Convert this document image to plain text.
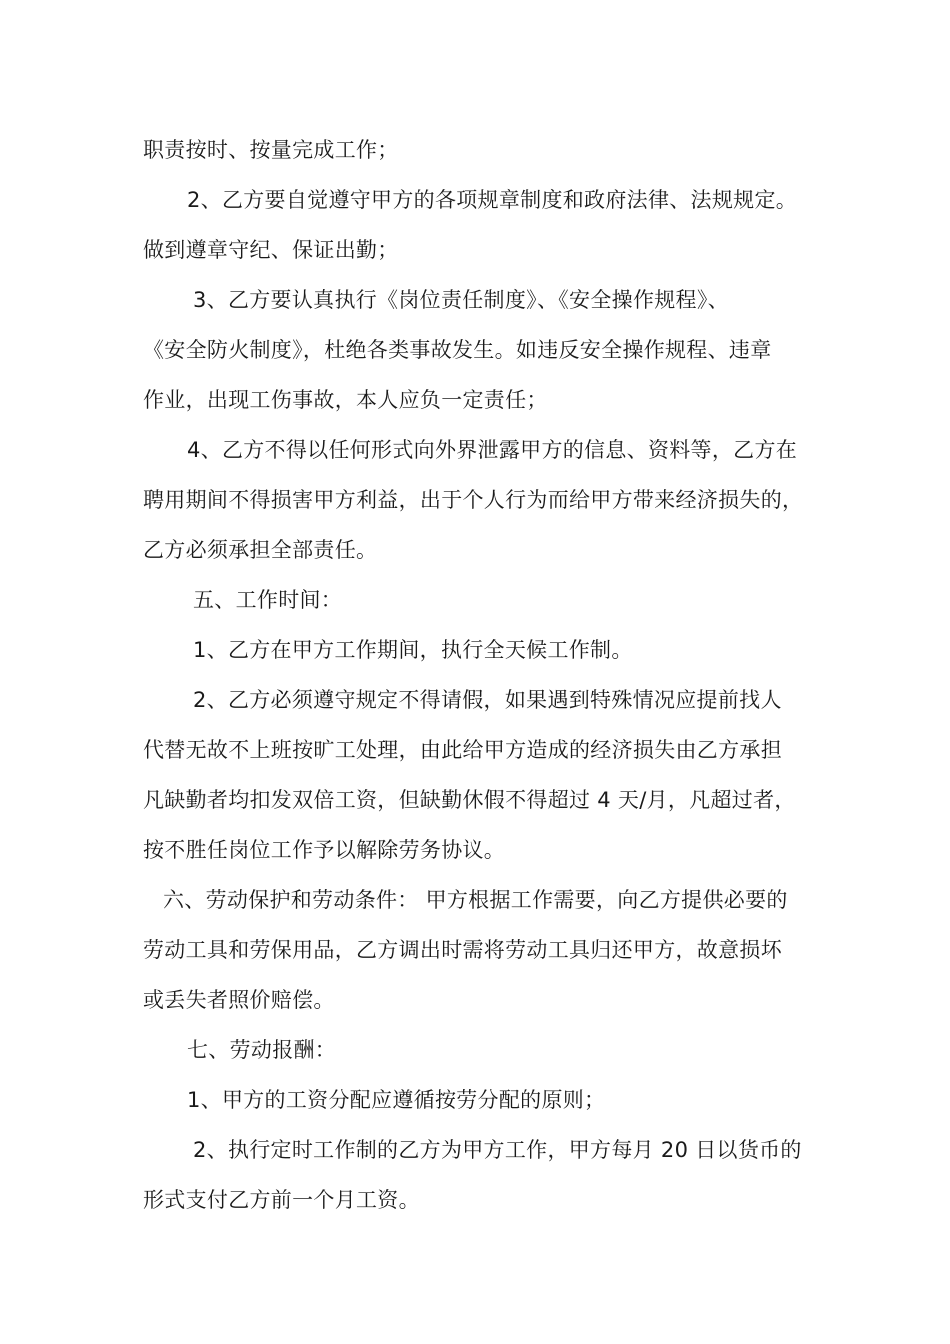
职责按时、按量完成工作；
2、乙方要自觉遵守甲方的各项规章制度和政府法律、法规规定。
做到遵章守纪、保证出勤；
3、乙方要认真执行《岗位责任制度》、《安全操作规程》、
《安全防火制度》，杜绝各类事故发生。如违反安全操作规程、违章
作业，出现工伤事故，本人应负一定责任；
4、乙方不得以任何形式向外界泄露甲方的信息、资料等，乙方在
聘用期间不得损害甲方利益，出于个人行为而给甲方带来经济损失的，
乙方必须承担全部责任。
五、工作时间：
1、乙方在甲方工作期间，执行全天候工作制。
2、乙方必须遵守规定不得请假，如果遇到特殊情况应提前找人
代替无故不上班按旷工处理，由此给甲方造成的经济损失由乙方承担
凡缺勤者均扣发双倍工资，但缺勤休假不得超过 4 天/月，凡超过者，
按不胜任岗位工作予以解除劳务协议。
六、劳动保护和劳动条件： 甲方根据工作需要，向乙方提供必要的
劳动工具和劳保用品，乙方调出时需将劳动工具归还甲方，故意损坏
或丢失者照价赔偿。
七、劳动报酬：
1、甲方的工资分配应遵循按劳分配的原则；
2、执行定时工作制的乙方为甲方工作，甲方每月 20 日以货币的
形式支付乙方前一个月工资。
